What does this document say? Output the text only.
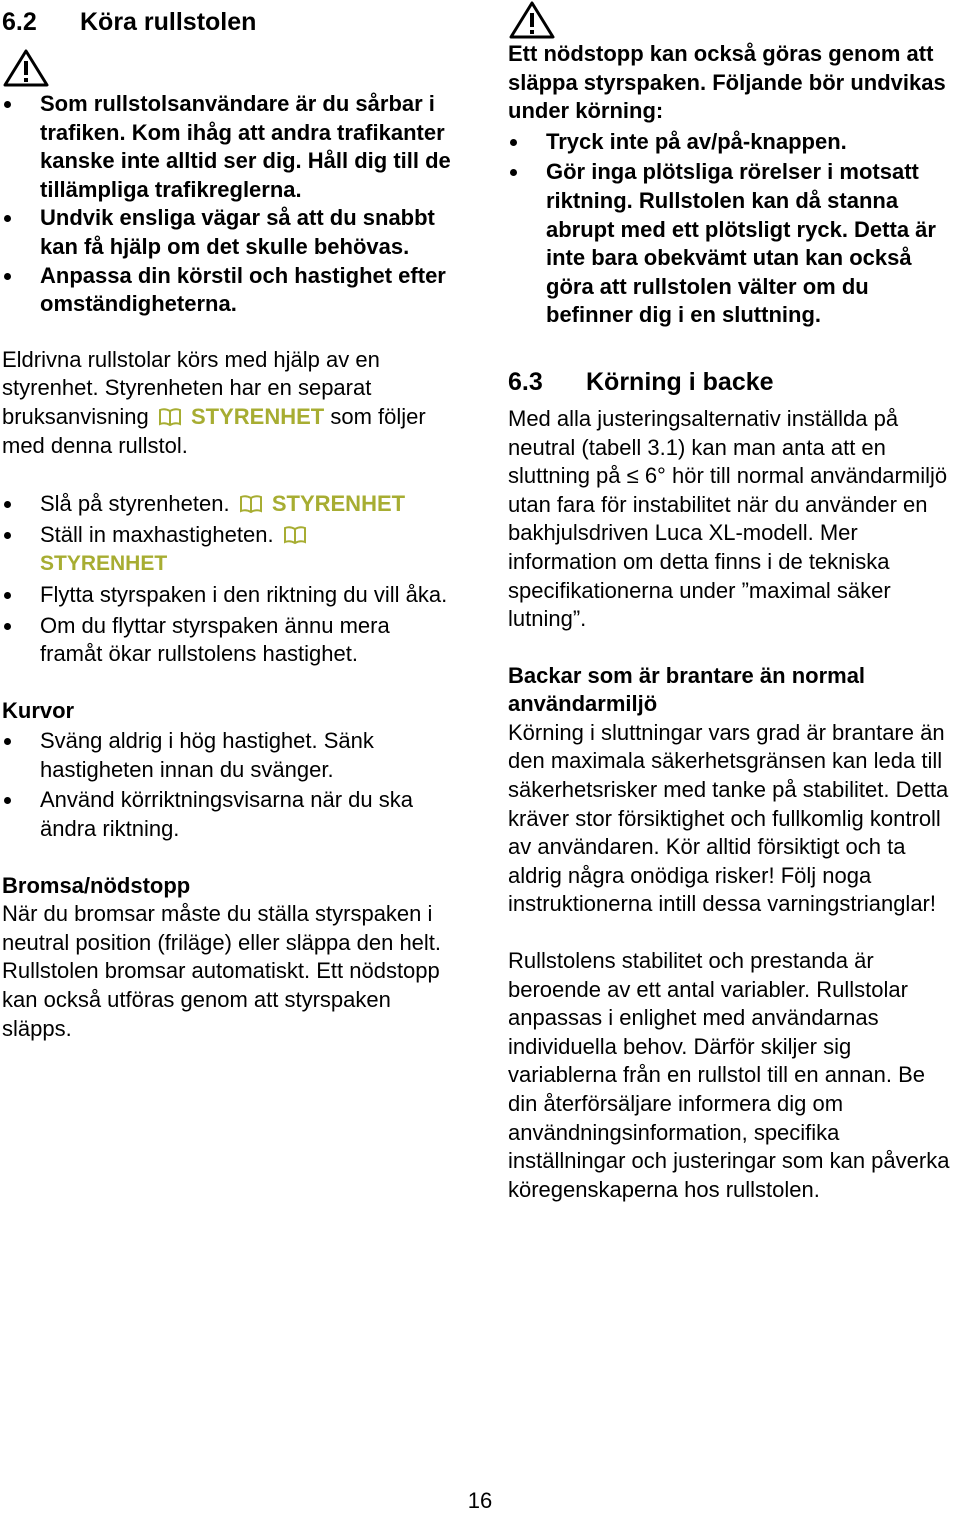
6.2 Köra rullstolen
Som rullstolsanvändare är du sårbar i trafiken. Kom ihåg att andra trafikanter kanske inte alltid ser dig. Håll dig till de tillämpliga trafikreglerna.
Undvik ensliga vägar så att du snabbt kan få hjälp om det skulle behövas.
Anpassa din körstil och hastighet efter omständigheterna.

Eldrivna rullstolar körs med hjälp av en styrenhet. Styrenheten har en separat bruksanvisning STYRENHET som följer med denna rullstol.

Slå på styrenheten. STYRENHET
Ställ in maxhastigheten.
STYRENHET
Flytta styrspaken i den riktning du vill åka.
Om du flyttar styrspaken ännu mera framåt ökar rullstolens hastighet.

Kurvor

Sväng aldrig i hög hastighet. Sänk hastigheten innan du svänger.
Använd körriktningsvisarna när du ska ändra riktning.

Bromsa/nödstopp

När du bromsar måste du ställa styrspaken i neutral position (friläge) eller släppa den helt. Rullstolen bromsar automatiskt. Ett nödstopp kan också utföras genom att styrspaken släpps.

Ett nödstopp kan också göras genom att släppa styrspaken. Följande bör undvikas under körning:

Tryck inte på av/på-knappen.
Gör inga plötsliga rörelser i motsatt riktning. Rullstolen kan då stanna abrupt med ett plötsligt ryck. Detta är inte bara obekvämt utan kan också göra att rullstolen välter om du befinner dig i en sluttning.
6.3 Körning i backe

Med alla justeringsalternativ inställda på neutral (tabell 3.1) kan man anta att en sluttning på ≤ 6° hör till normal användarmiljö utan fara för instabilitet när du använder en bakhjulsdriven Luca XL-modell. Mer information om detta finns i de tekniska specifikationerna under ”maximal säker lutning”.

Backar som är brantare än normal användarmiljö

Körning i sluttningar vars grad är brantare än den maximala säkerhetsgränsen kan leda till säkerhetsrisker med tanke på stabilitet. Detta kräver stor försiktighet och fullkomlig kontroll av användaren. Kör alltid försiktigt och ta aldrig några onödiga risker! Följ noga instruktionerna intill dessa varningstrianglar!

Rullstolens stabilitet och prestanda är beroende av ett antal variabler. Rullstolar anpassas i enlighet med användarnas individuella behov. Därför skiljer sig variablerna från en rullstol till en annan. Be din återförsäljare informera dig om användningsinformation, specifika inställningar och justeringar som kan påverka köregenskaperna hos rullstolen.

16
